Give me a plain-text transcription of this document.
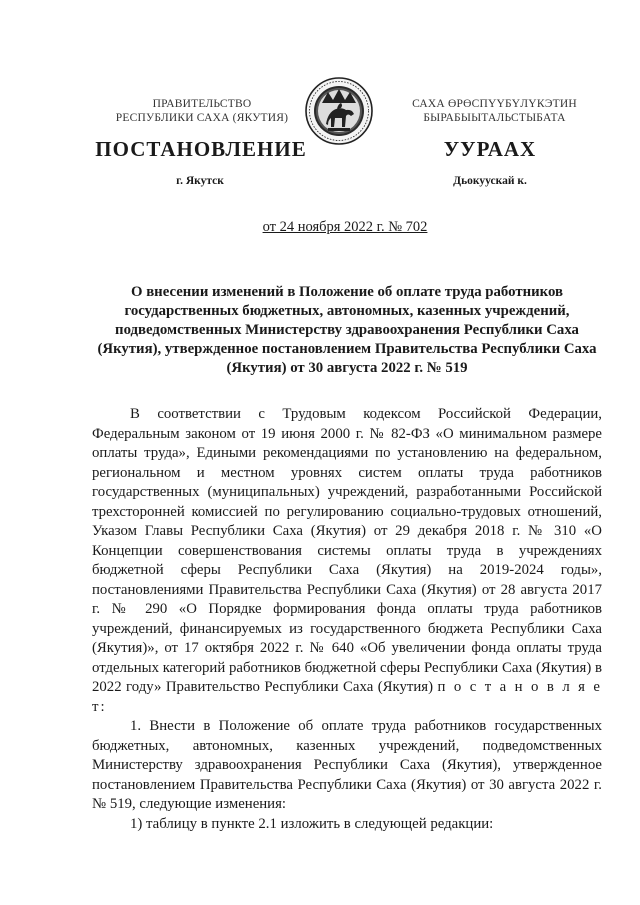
ПРАВИТЕЛЬСТВО
РЕСПУБЛИКИ САХА (ЯКУТИЯ)
САХА ӨРӨСПҮҮБҮЛҮКЭТИН
БЫРАБЫЫТАЛЬСТЫБАТА
ПОСТАНОВЛЕНИЕ	УУРААХ
г. Якутск	Дьокуускай к.
от 24 ноября 2022 г. № 702
О внесении изменений в Положение об оплате труда работников государственных бюджетных, автономных, казенных учреждений, подведомственных Министерству здравоохранения Республики Саха (Якутия), утвержденное постановлением Правительства Республики Саха (Якутия) от 30 августа 2022 г. № 519

В соответствии с Трудовым кодексом Российской Федерации, Федеральным законом от 19 июня 2000 г. № 82-ФЗ «О минимальном размере оплаты труда», Едиными рекомендациями по установлению на федеральном, региональном и местном уровнях систем оплаты труда работников государственных (муниципальных) учреждений, разработанными Российской трехсторонней комиссией по регулированию социально-трудовых отношений, Указом Главы Республики Саха (Якутия) от 29 декабря 2018 г. № 310 «О Концепции совершенствования системы оплаты труда в учреждениях бюджетной сферы Республики Саха (Якутия) на 2019-2024 годы», постановлениями Правительства Республики Саха (Якутия) от 28 августа 2017 г. № 290 «О Порядке формирования фонда оплаты труда работников учреждений, финансируемых из государственного бюджета Республики Саха (Якутия)», от 17 октября 2022 г. № 640 «Об увеличении фонда оплаты труда отдельных категорий работников бюджетной сферы Республики Саха (Якутия) в 2022 году» Правительство Республики Саха (Якутия) п о с т а н о в л я е т:

1. Внести в Положение об оплате труда работников государственных бюджетных, автономных, казенных учреждений, подведомственных Министерству здравоохранения Республики Саха (Якутия), утвержденное постановлением Правительства Республики Саха (Якутия) от 30 августа 2022 г. № 519, следующие изменения:

1) таблицу в пункте 2.1 изложить в следующей редакции:
